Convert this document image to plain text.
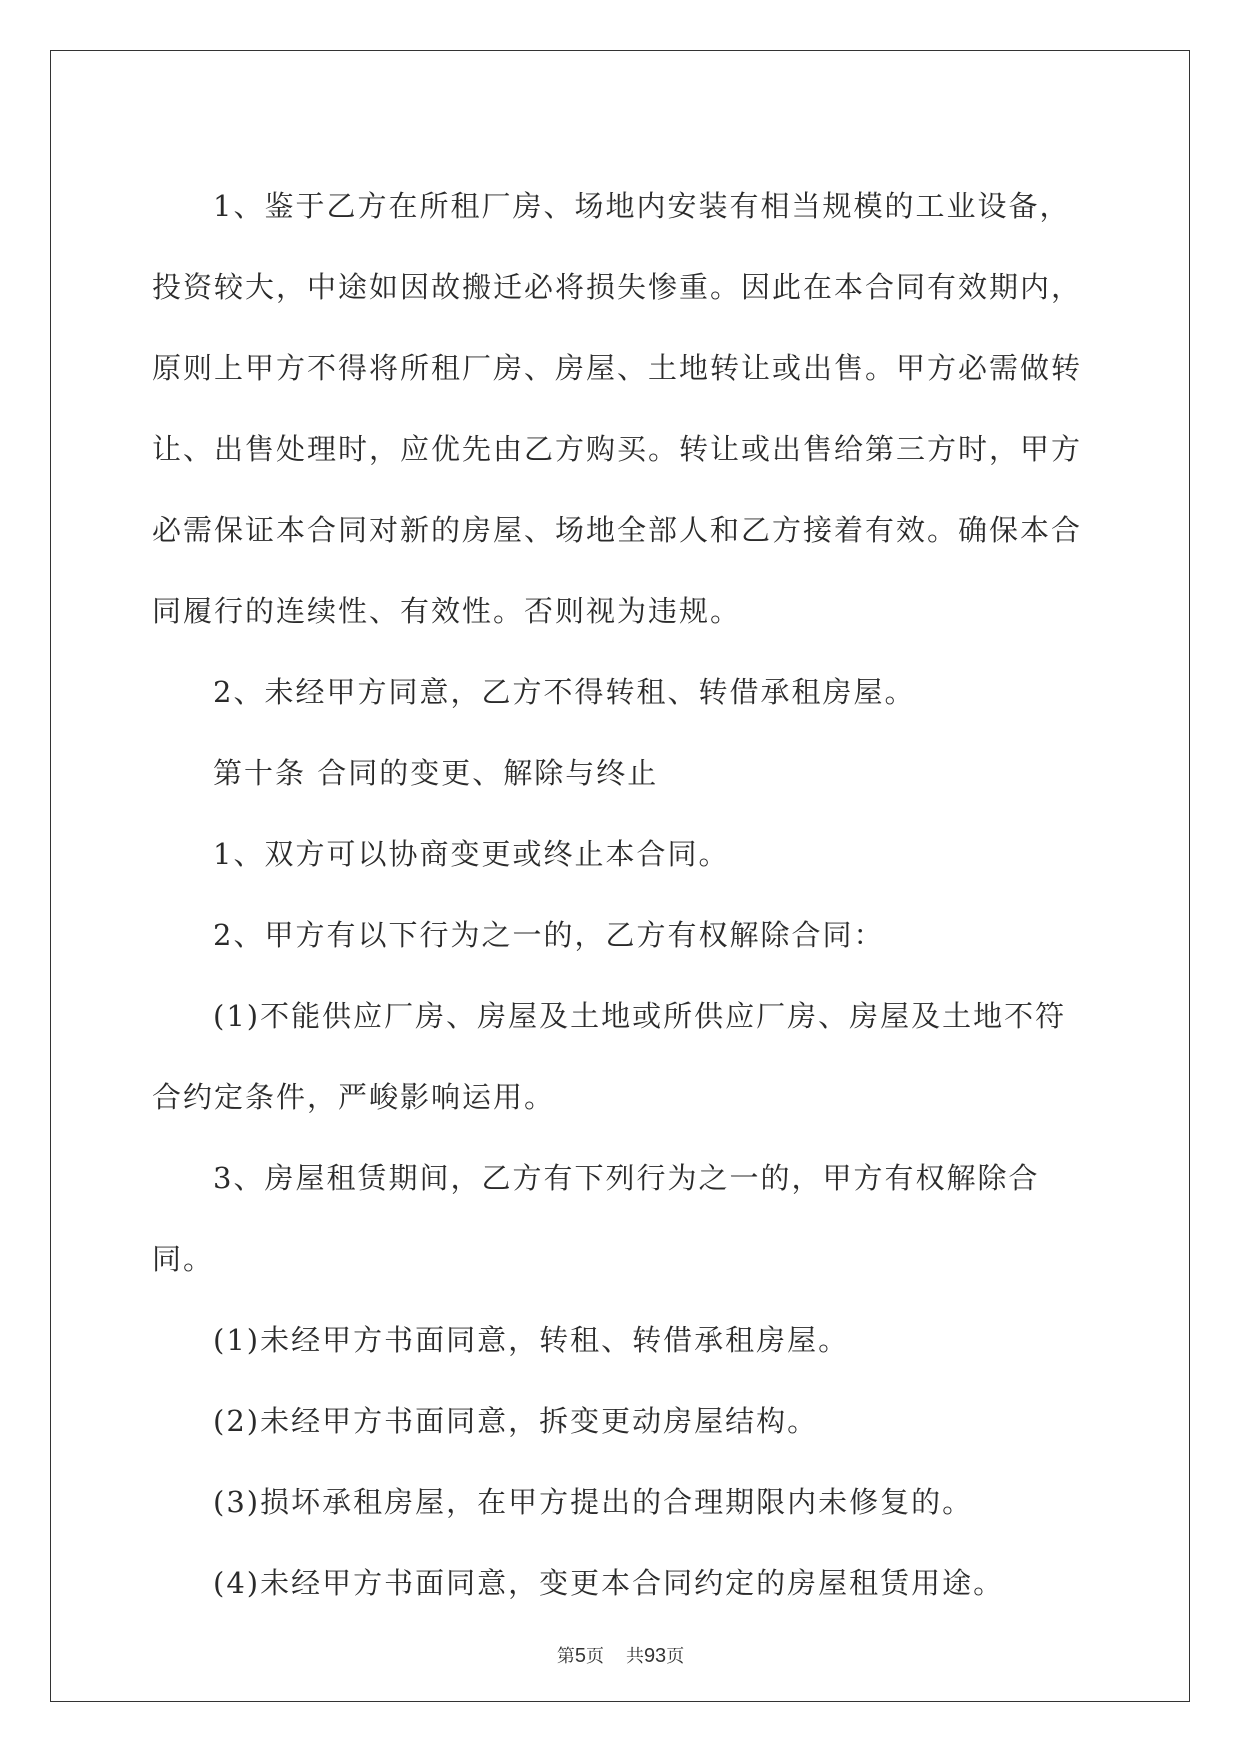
1、鉴于乙方在所租厂房、场地内安装有相当规模的工业设备，投资较大，中途如因故搬迁必将损失惨重。因此在本合同有效期内，原则上甲方不得将所租厂房、房屋、土地转让或出售。甲方必需做转让、出售处理时，应优先由乙方购买。转让或出售给第三方时，甲方必需保证本合同对新的房屋、场地全部人和乙方接着有效。确保本合同履行的连续性、有效性。否则视为违规。

2、未经甲方同意，乙方不得转租、转借承租房屋。

第十条 合同的变更、解除与终止

1、双方可以协商变更或终止本合同。

2、甲方有以下行为之一的，乙方有权解除合同：

(1)不能供应厂房、房屋及土地或所供应厂房、房屋及土地不符合约定条件，严峻影响运用。

3、房屋租赁期间，乙方有下列行为之一的，甲方有权解除合同。

(1)未经甲方书面同意，转租、转借承租房屋。

(2)未经甲方书面同意，拆变更动房屋结构。

(3)损坏承租房屋，在甲方提出的合理期限内未修复的。

(4)未经甲方书面同意，变更本合同约定的房屋租赁用途。

第5页 共93页
